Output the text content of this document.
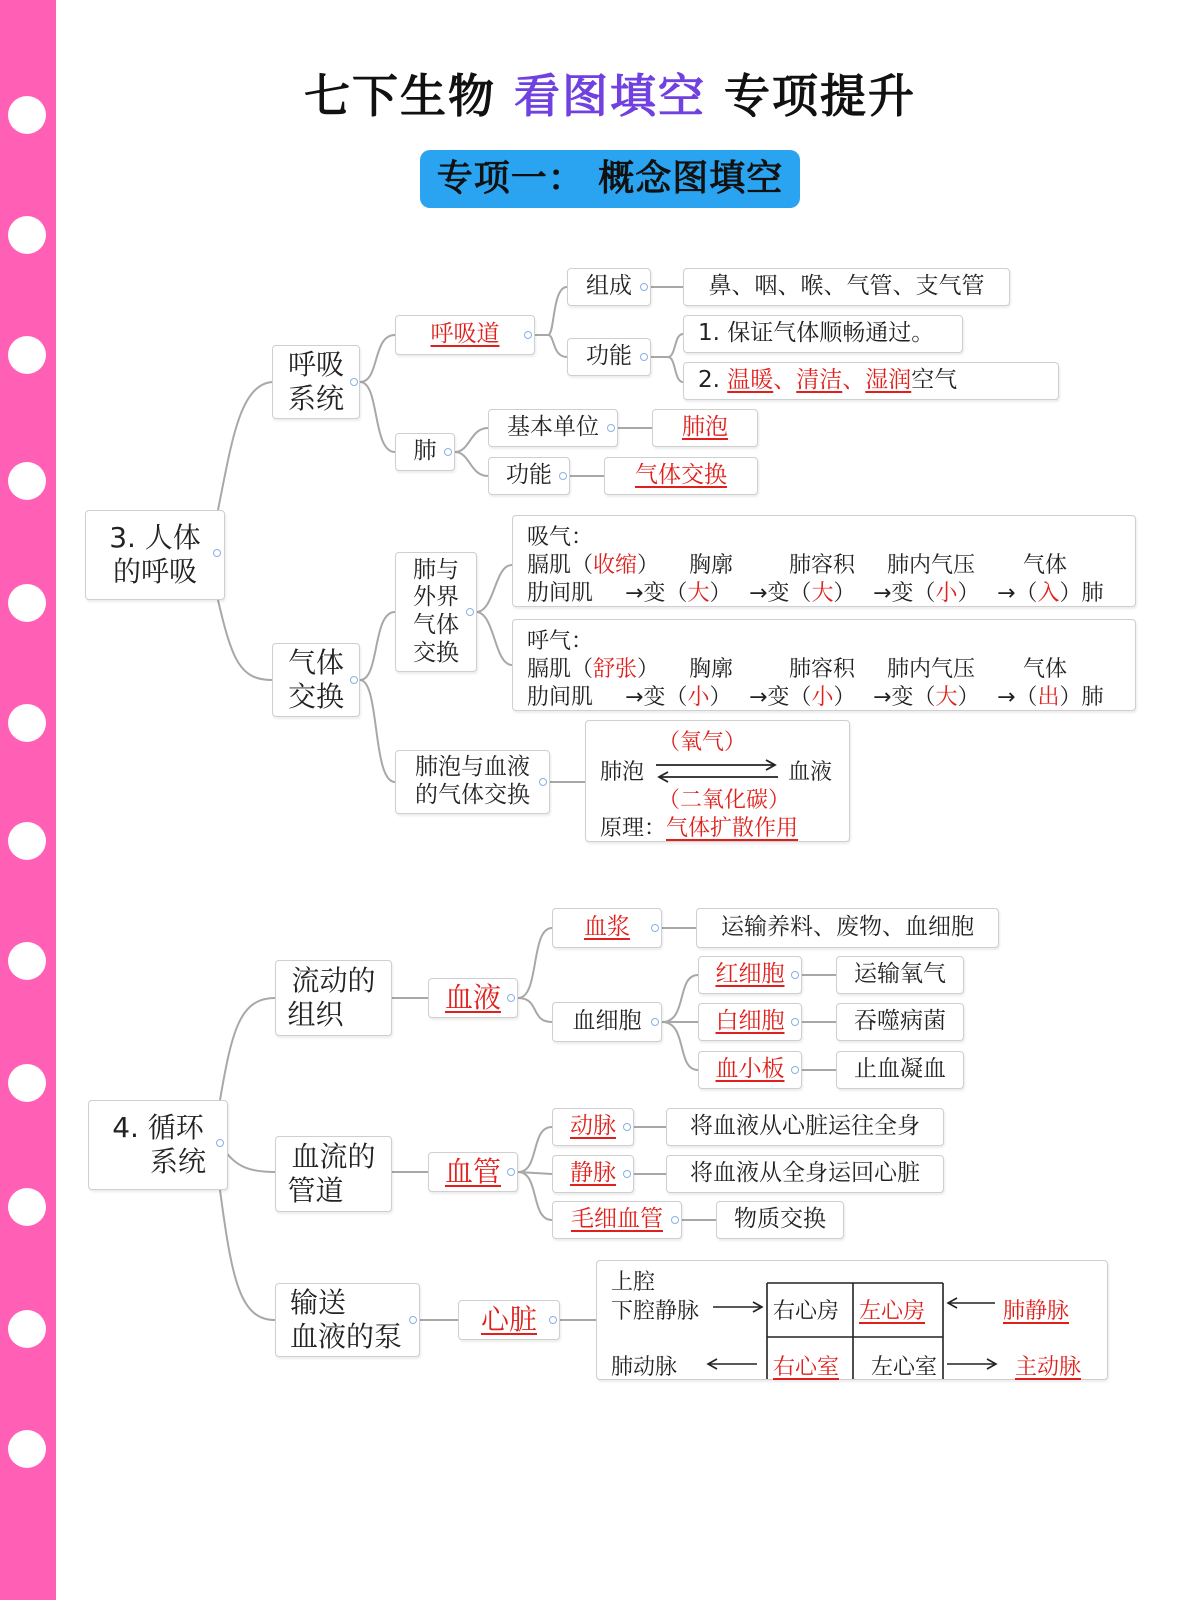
七下生物 看图填空 专项提升
专项一： 概念图填空
3. 人体
的呼吸
呼吸
系统
呼吸道
组成	鼻、咽、喉、气管、支气管
功能
1. 保证气体顺畅通过。
2.
温暖 、 清洁 、 湿润 空气
肺
基本单位	肺泡
功能	气体交换
气体
交换
肺与
外界
气体
交换
吸气：
膈肌（收缩） 胸廓	肺容积 肺内气压 气体
肋间肌 →变（大） →变（大） →变（小） →（入）肺
呼气：
膈肌（舒张） 胸廓	肺容积 肺内气压 气体
肋间肌 →变（小） →变（小） →变（大） →（出）肺
肺泡与血液
的气体交换
（氧气）
肺泡	血液
（二氧化碳）
原理：气体扩散作用
4. 循环
系统
流动的
组织
血液
血浆	运输养料、废物、血细胞
血细胞
红细胞	运输氧气
白细胞	吞噬病菌
血小板	止血凝血
血流的
管道
血管
动脉	将血液从心脏运往全身
静脉	将血液从全身运回心脏
毛细血管	物质交换
输送
血液的泵
心脏
上腔
下腔静脉	右心房 左心房	肺静脉
肺动脉	右心室 左心室	主动脉
